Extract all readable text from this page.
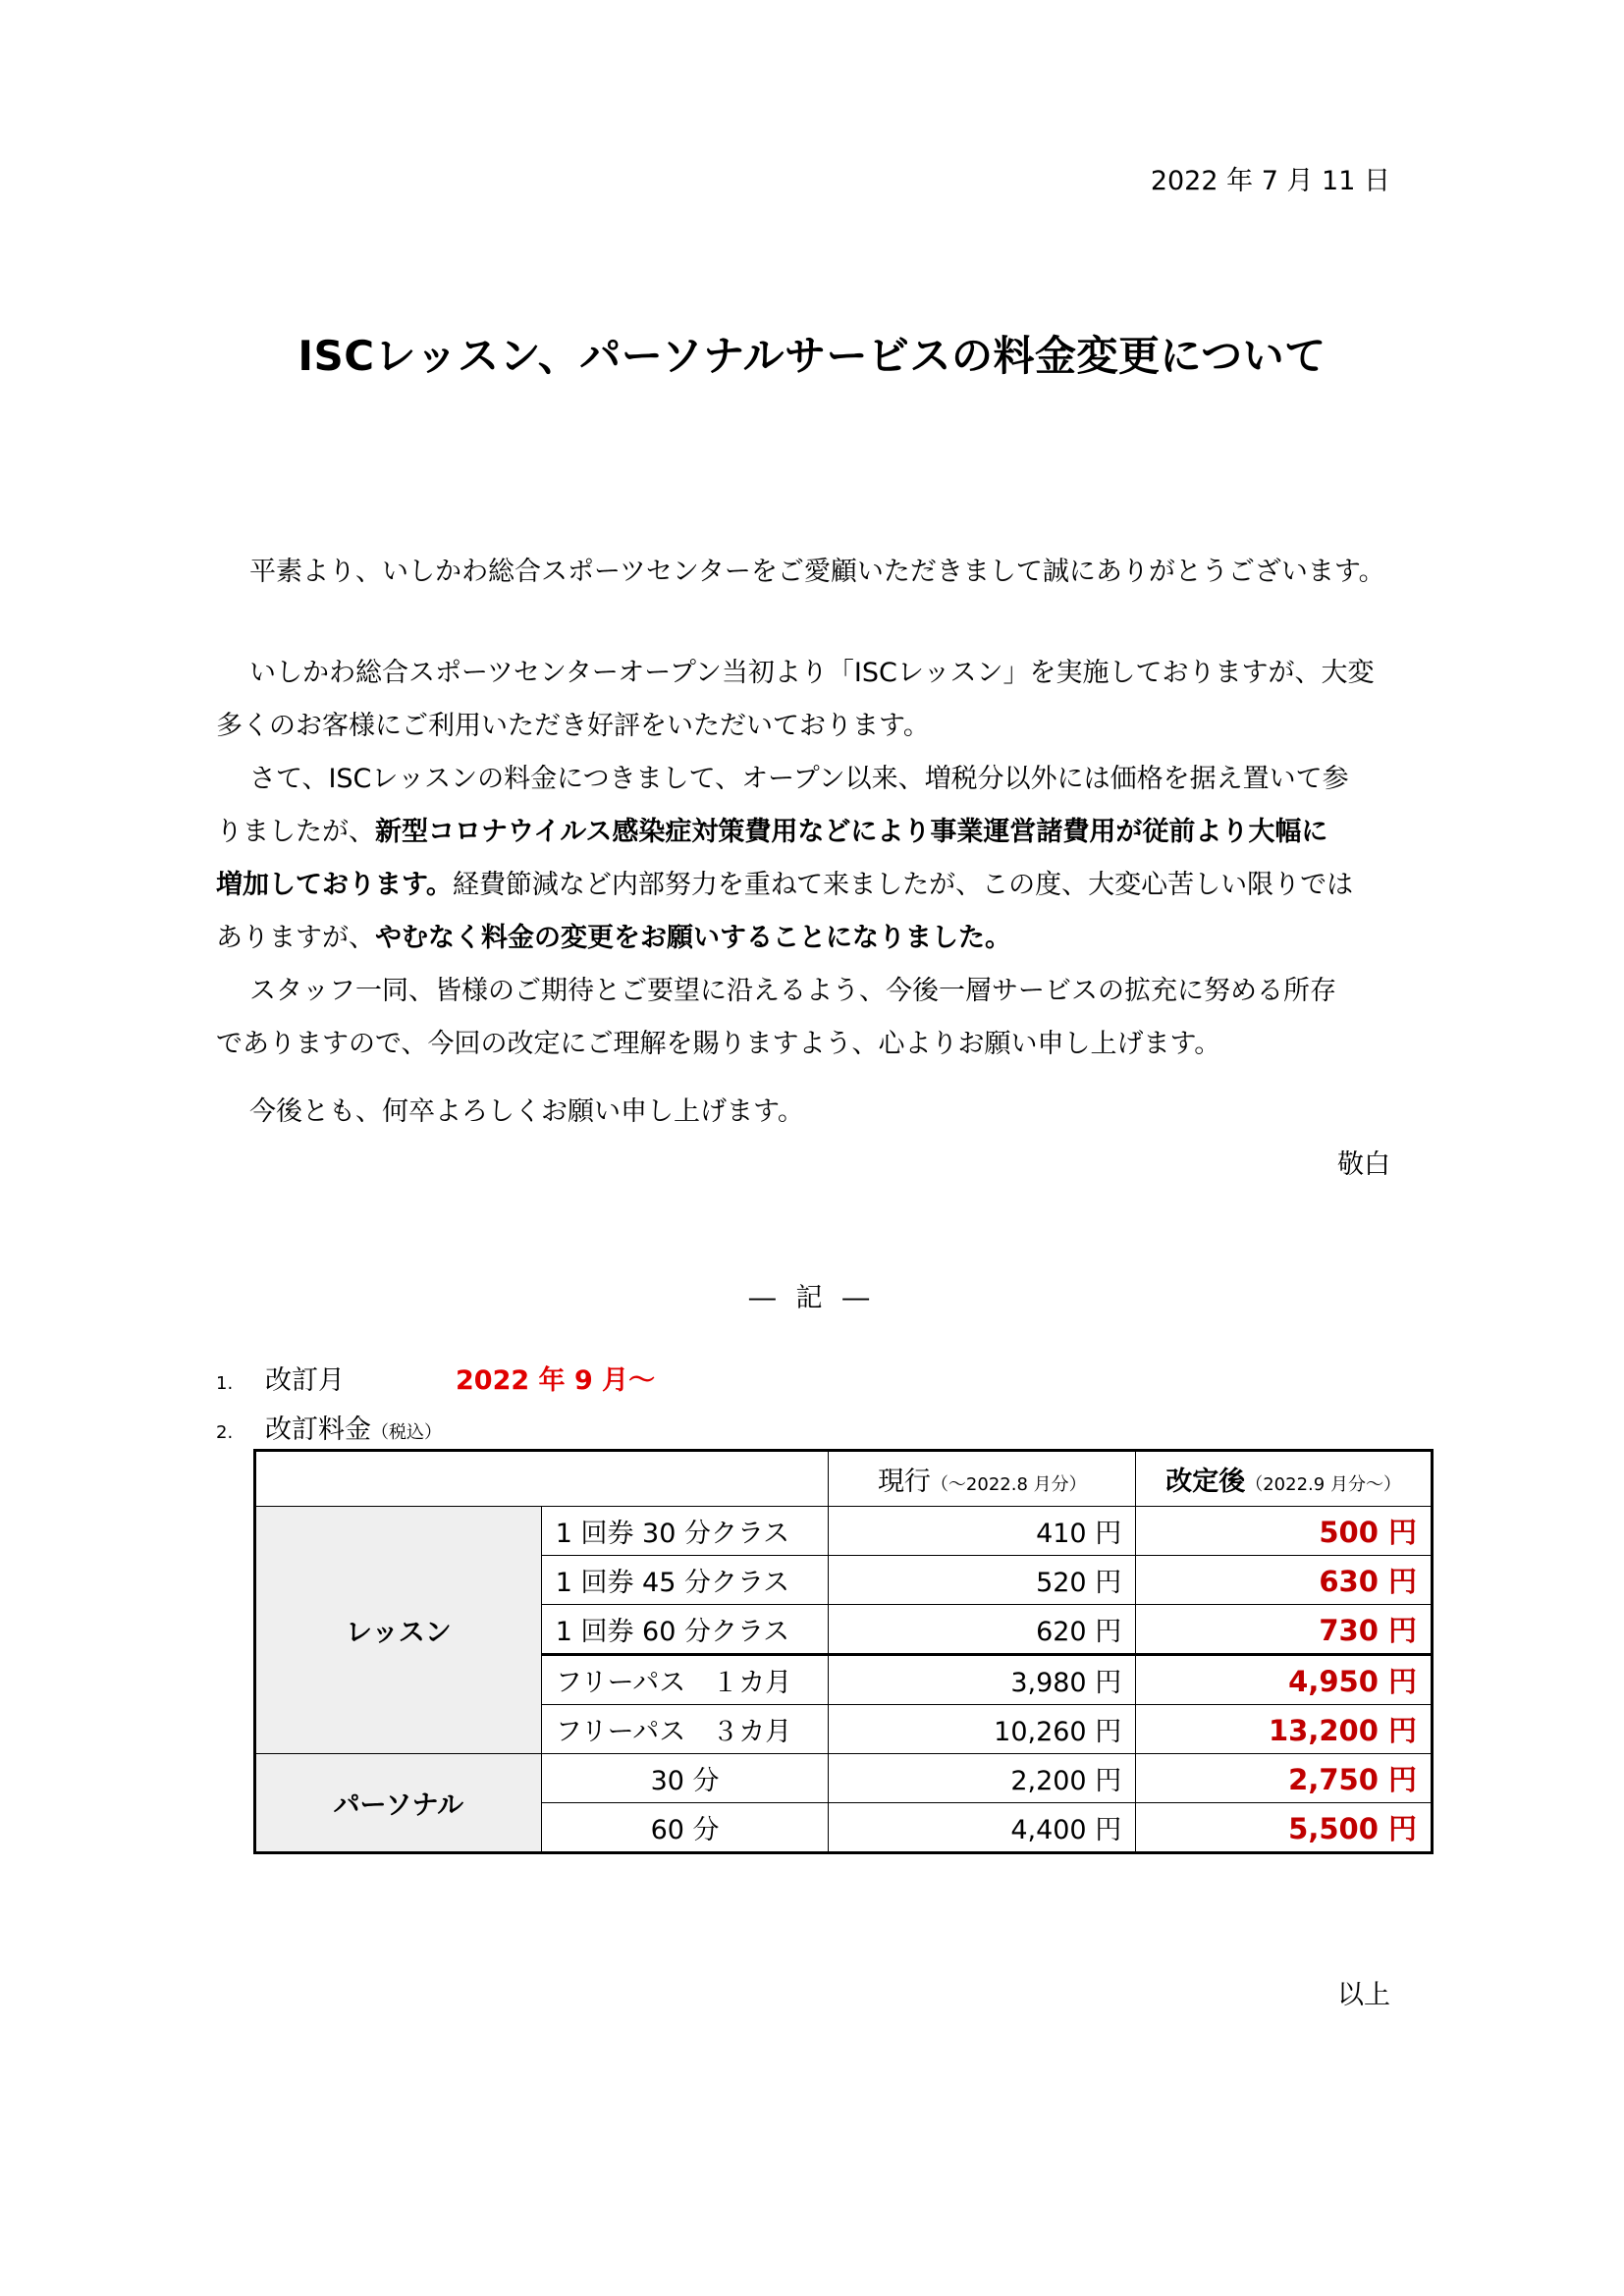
2022 年 7 月 11 日
ISCレッスン、パーソナルサービスの料金変更について

平素より、いしかわ総合スポーツセンターをご愛顧いただきまして誠にありがとうございます。

いしかわ総合スポーツセンターオープン当初より「ISCレッスン」を実施しておりますが、大変

多くのお客様にご利用いただき好評をいただいております。

さて、ISCレッスンの料金につきまして、オープン以来、増税分以外には価格を据え置いて参

りましたが、新型コロナウイルス感染症対策費用などにより事業運営諸費用が従前より大幅に

増加しております。経費節減など内部努力を重ねて来ましたが、この度、大変心苦しい限りでは

ありますが、やむなく料金の変更をお願いすることになりました。

スタッフ一同、皆様のご期待とご要望に沿えるよう、今後一層サービスの拡充に努める所存

でありますので、今回の改定にご理解を賜りますよう、心よりお願い申し上げます。

今後とも、何卒よろしくお願い申し上げます。

敬白
― 記 ―
1. 改訂月	2022 年 9 月～
2. 改訂料金（税込）
		現行（～2022.8 月分）	改定後（2022.9 月分～）
レッスン	1 回券 30 分クラス	410 円	500 円
	1 回券 45 分クラス	520 円	630 円
	1 回券 60 分クラス	620 円	730 円
	フリーパス　１カ月	3,980 円	4,950 円
	フリーパス　３カ月	10,260 円	13,200 円
パーソナル	30 分	2,200 円	2,750 円
	60 分	4,400 円	5,500 円
以上
